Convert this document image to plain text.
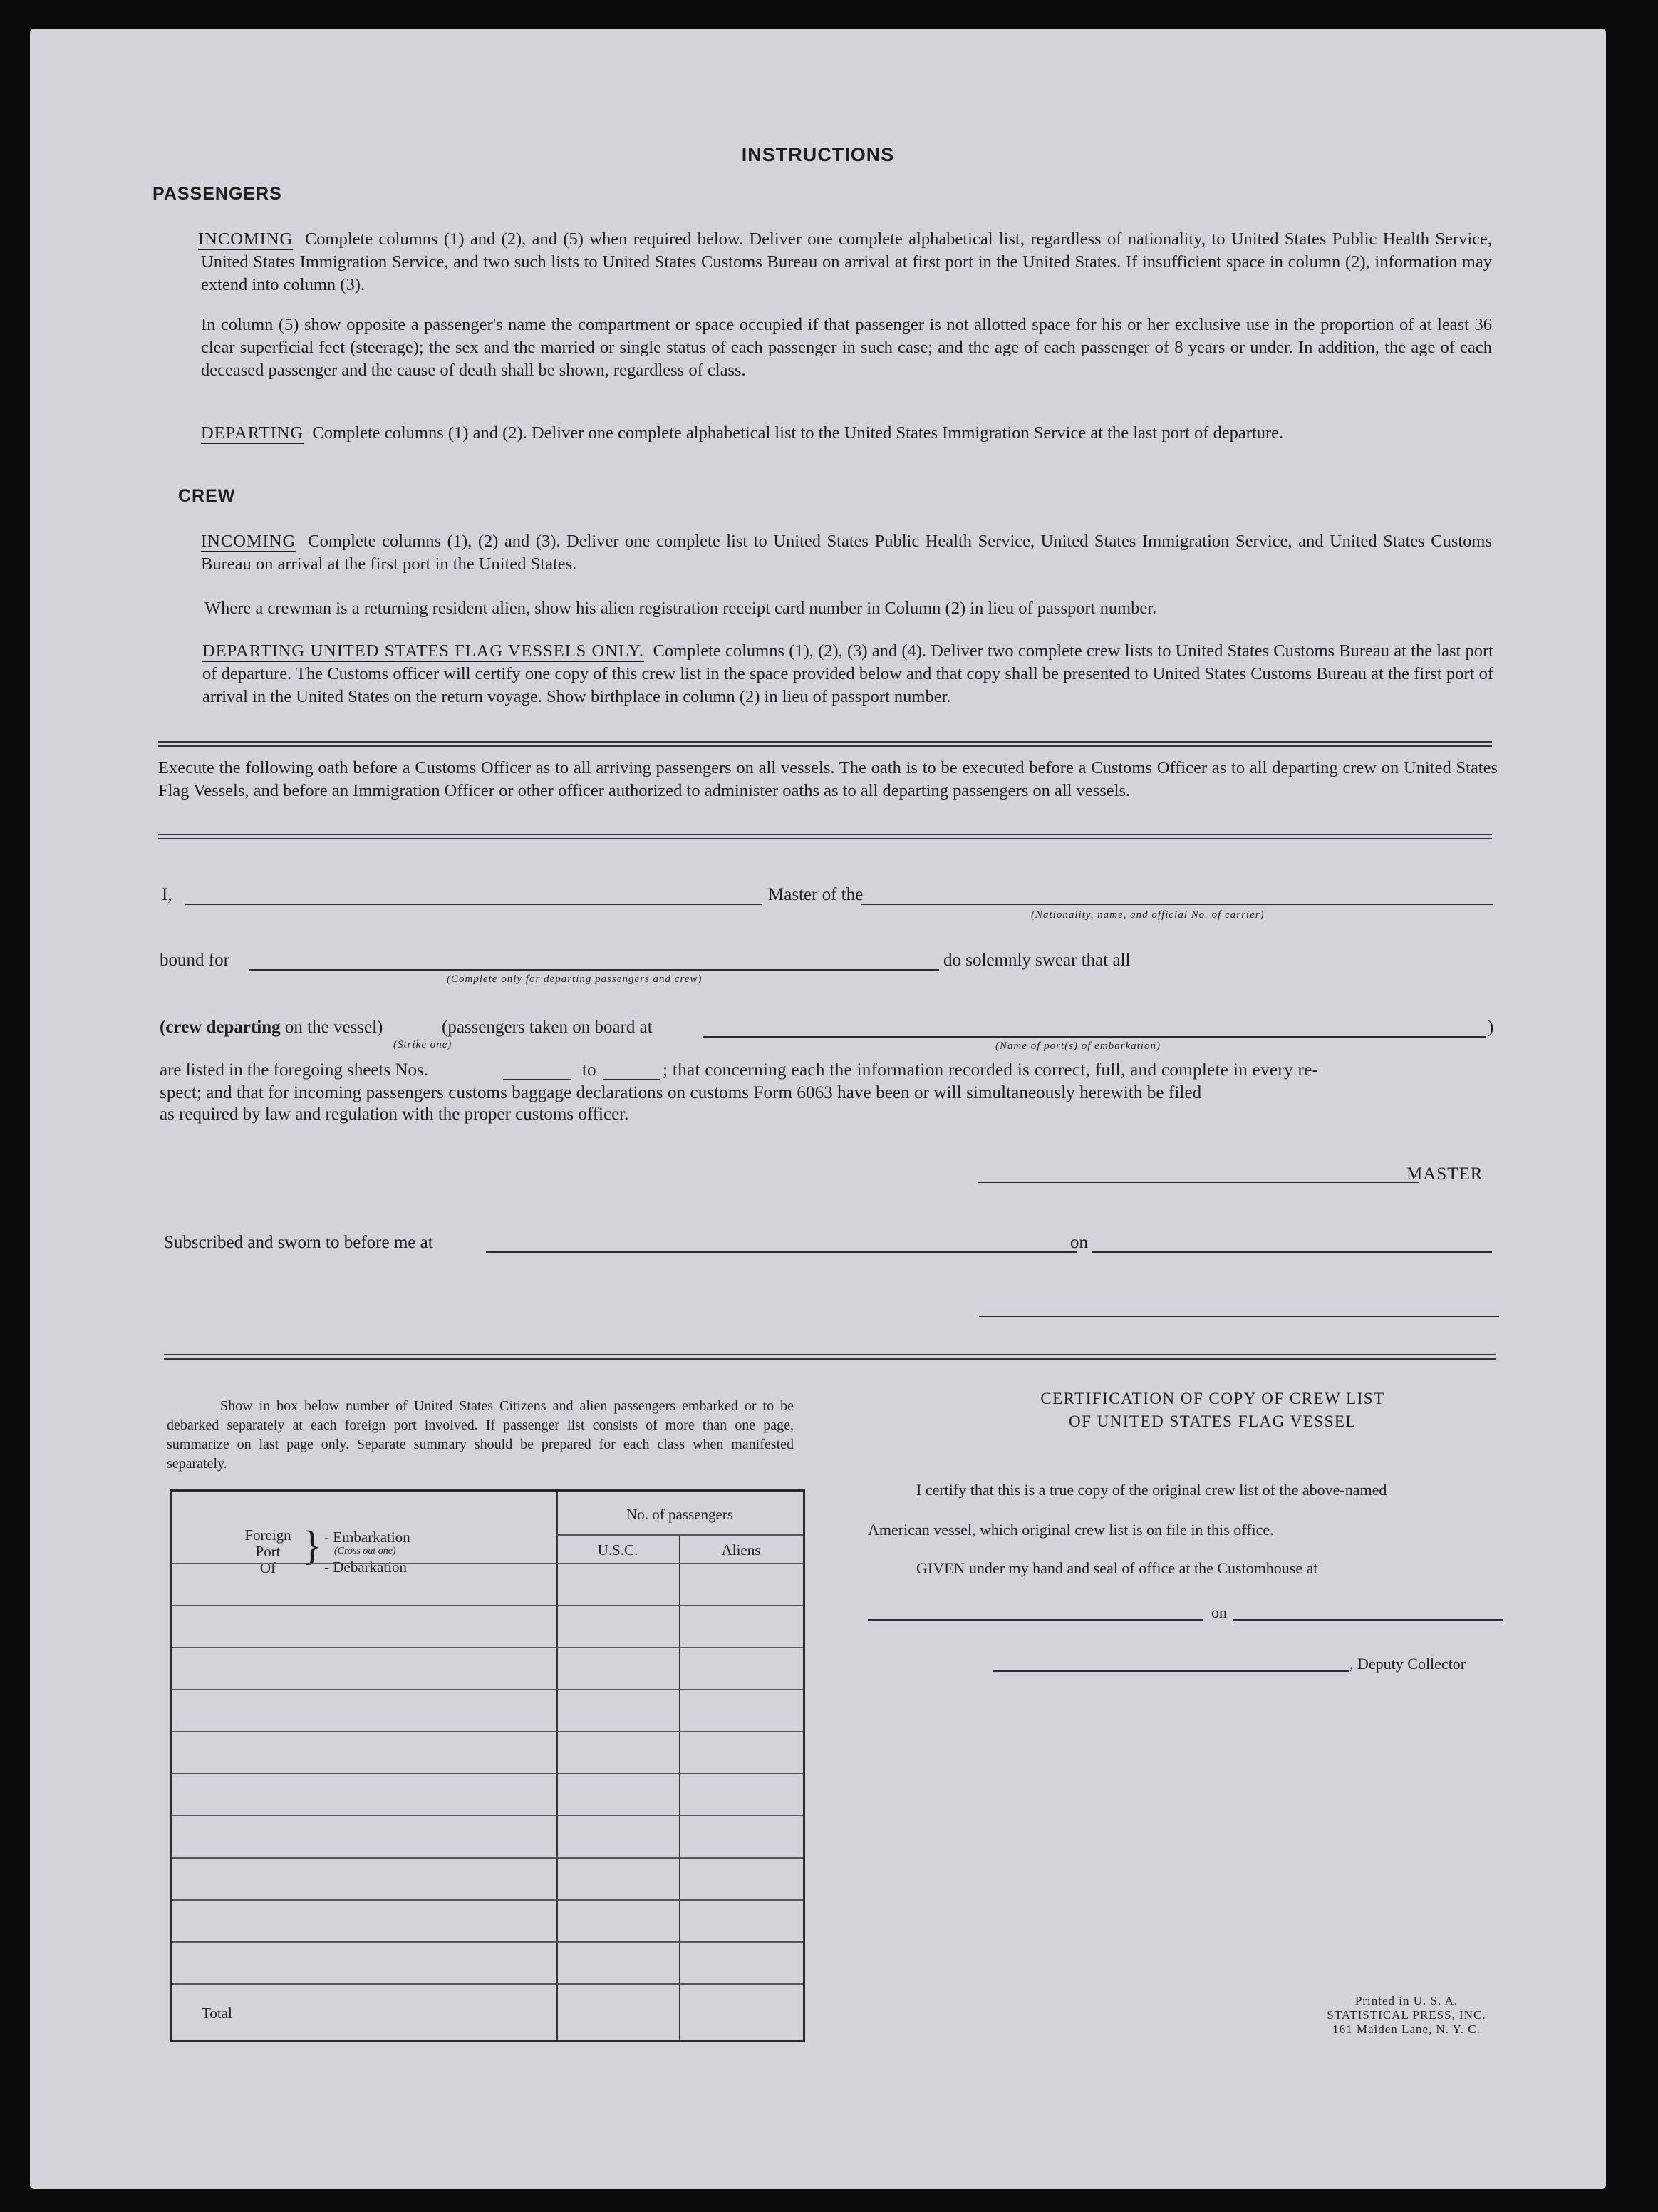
INSTRUCTIONS
PASSENGERS
INCOMING Complete columns (1) and (2), and (5) when required below. Deliver one complete alphabetical list, regardless of nationality, to United States Public Health Service, United States Immigration Service, and two such lists to United States Customs Bureau on arrival at first port in the United States. If insufficient space in column (2), information may extend into column (3).
In column (5) show opposite a passenger's name the compartment or space occupied if that passenger is not allotted space for his or her exclusive use in the proportion of at least 36 clear superficial feet (steerage); the sex and the married or single status of each passenger in such case; and the age of each passenger of 8 years or under. In addition, the age of each deceased passenger and the cause of death shall be shown, regardless of class.
DEPARTING Complete columns (1) and (2). Deliver one complete alphabetical list to the United States Immigration Service at the last port of departure.
CREW
INCOMING Complete columns (1), (2) and (3). Deliver one complete list to United States Public Health Service, United States Immigration Service, and United States Customs Bureau on arrival at the first port in the United States.
Where a crewman is a returning resident alien, show his alien registration receipt card number in Column (2) in lieu of passport number.
DEPARTING UNITED STATES FLAG VESSELS ONLY. Complete columns (1), (2), (3) and (4). Deliver two complete crew lists to United States Customs Bureau at the last port of departure. The Customs officer will certify one copy of this crew list in the space provided below and that copy shall be presented to United States Customs Bureau at the first port of arrival in the United States on the return voyage. Show birthplace in column (2) in lieu of passport number.
Execute the following oath before a Customs Officer as to all arriving passengers on all vessels. The oath is to be executed before a Customs Officer as to all departing crew on United States Flag Vessels, and before an Immigration Officer or other officer authorized to administer oaths as to all departing passengers on all vessels.
I,	Master of the
(Nationality, name, and official No. of carrier)
bound for
(Complete only for departing passengers and crew)
do solemnly swear that all
(crew departing on the vessel)	(passengers taken on board at	)
(Strike one)	(Name of port(s) of embarkation)
are listed in the foregoing sheets Nos.	to	; that concerning each the information recorded is correct, full, and complete in every re-
spect; and that for incoming passengers customs baggage declarations on customs Form 6063 have been or will simultaneously herewith be filed
as required by law and regulation with the proper customs officer.
MASTER
Subscribed and sworn to before me at	on
Show in box below number of United States Citizens and alien passengers embarked or to be debarked separately at each foreign port involved. If passenger list consists of more than one page, summarize on last page only. Separate summary should be prepared for each class when manifested separately.
Foreign
Port
Of } - Embarkation
(Cross out one)
- Debarkation
No. of passengers
U.S.C.	Aliens
Total
CERTIFICATION OF COPY OF CREW LIST
OF UNITED STATES FLAG VESSEL
I certify that this is a true copy of the original crew list of the above-named
American vessel, which original crew list is on file in this office.
GIVEN under my hand and seal of office at the Customhouse at
on
, Deputy Collector
Printed in U. S. A.
STATISTICAL PRESS, INC.
161 Maiden Lane, N. Y. C.
